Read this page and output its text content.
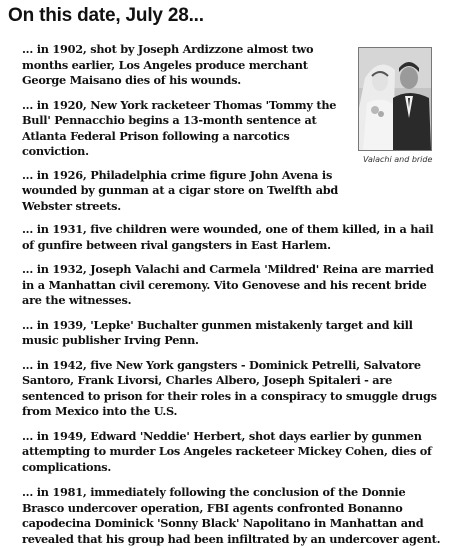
On this date, July 28...
... in 1902, shot by Joseph Ardizzone almost two months earlier, Los Angeles produce merchant George Maisano dies of his wounds.
... in 1920, New York racketeer Thomas 'Tommy the Bull' Pennacchio begins a 13-month sentence at Atlanta Federal Prison following a narcotics conviction.
... in 1926, Philadelphia crime figure John Avena is wounded by gunman at a cigar store on Twelfth abd Webster streets.
... in 1931, five children were wounded, one of them killed, in a hail of gunfire between rival gangsters in East Harlem.
... in 1932, Joseph Valachi and Carmela 'Mildred' Reina are married in a Manhattan civil ceremony. Vito Genovese and his recent bride are the witnesses.
... in 1939, 'Lepke' Buchalter gunmen mistakenly target and kill music publisher Irving Penn.
... in 1942, five New York gangsters - Dominick Petrelli, Salvatore Santoro, Frank Livorsi, Charles Albero, Joseph Spitaleri - are sentenced to prison for their roles in a conspiracy to smuggle drugs from Mexico into the U.S.
... in 1949, Edward 'Neddie' Herbert, shot days earlier by gunmen attempting to murder Los Angeles racketeer Mickey Cohen, dies of complications.
... in 1981, immediately following the conclusion of the Donnie Brasco undercover operation, FBI agents confronted Bonanno capodecina Dominick 'Sonny Black' Napolitano in Manhattan and revealed that his group had been infiltrated by an undercover agent.
Valachi and bride
